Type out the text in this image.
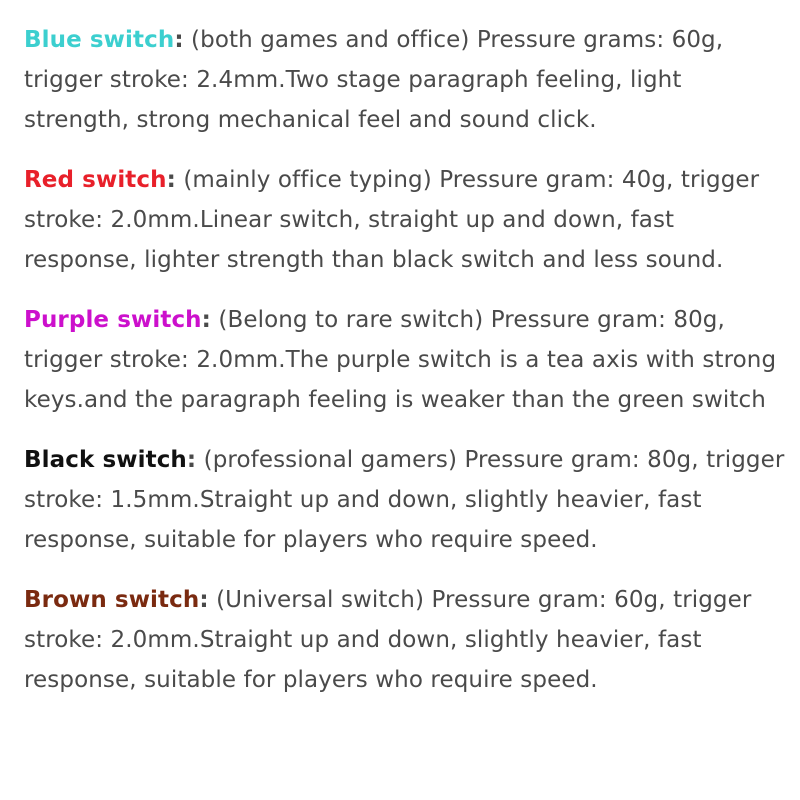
Blue switch: (both games and office) Pressure grams: 60g, trigger stroke: 2.4mm.Two stage paragraph feeling, light strength, strong mechanical feel and sound click.

Red switch: (mainly office typing) Pressure gram: 40g, trigger stroke: 2.0mm.Linear switch, straight up and down, fast response, lighter strength than black switch and less sound.

Purple switch: (Belong to rare switch) Pressure gram: 80g, trigger stroke: 2.0mm.The purple switch is a tea axis with strong keys.and the paragraph feeling is weaker than the green switch

Black switch: (professional gamers) Pressure gram: 80g, trigger stroke: 1.5mm.Straight up and down, slightly heavier, fast response, suitable for players who require speed.

Brown switch: (Universal switch) Pressure gram: 60g, trigger stroke: 2.0mm.Straight up and down, slightly heavier, fast response, suitable for players who require speed.
